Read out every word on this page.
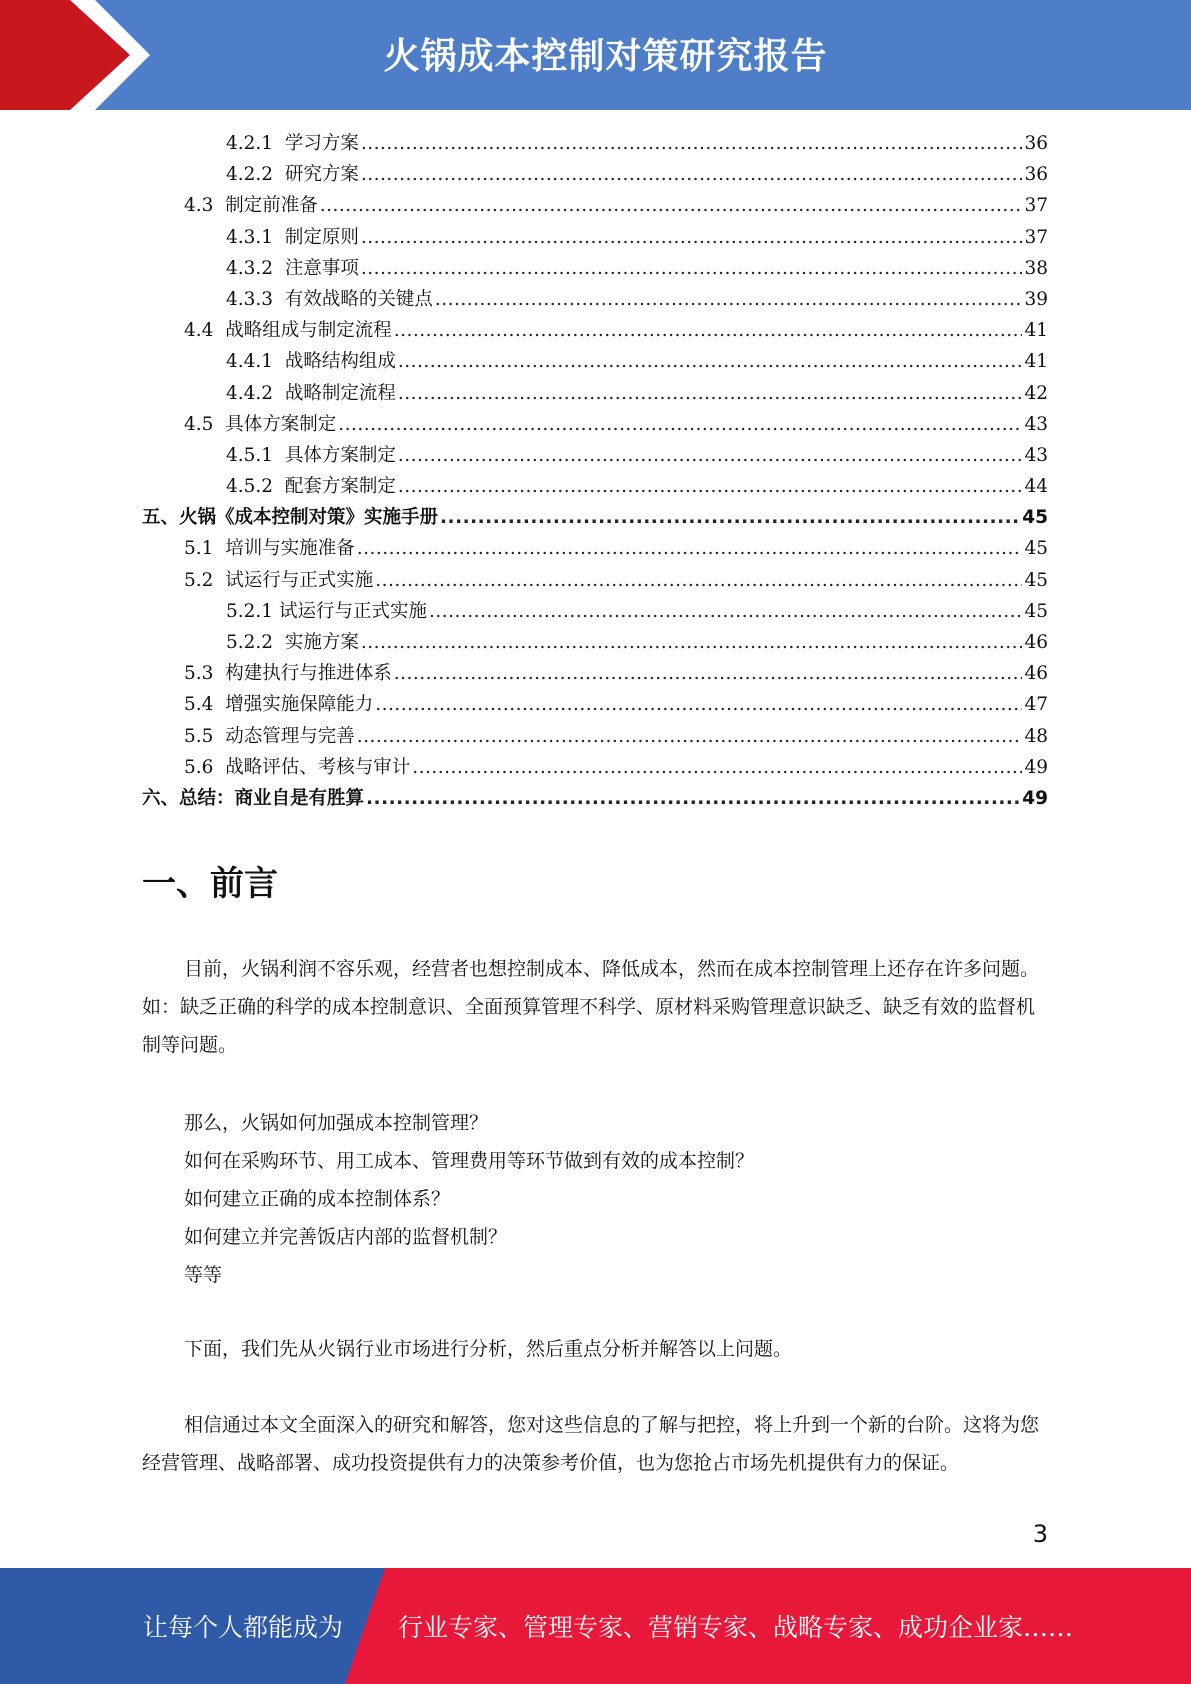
火锅成本控制对策研究报告
4.2.1 学习方案 .....	36
4.2.2 研究方案 .....	36
4.3 制定前准备 .....	37
4.3.1 制定原则 .....	37
4.3.2 注意事项 .....	38
4.3.3 有效战略的关键点 .....	39
4.4 战略组成与制定流程 .....	41
4.4.1 战略结构组成 .....	41
4.4.2 战略制定流程 .....	42
4.5 具体方案制定 .....	43
4.5.1 具体方案制定 .....	43
4.5.2 配套方案制定 .....	44
五、火锅《成本控制对策》实施手册 .....	45
5.1 培训与实施准备 .....	45
5.2 试运行与正式实施 .....	45
5.2.1 试运行与正式实施 .....	45
5.2.2 实施方案 .....	46
5.3 构建执行与推进体系 .....	46
5.4 增强实施保障能力 .....	47
5.5 动态管理与完善 .....	48
5.6 战略评估、考核与审计 .....	49
六、总结：商业自是有胜算 .....	49
一、前言

目前，火锅利润不容乐观，经营者也想控制成本、降低成本，然而在成本控制管理上还存在许多问题。如：缺乏正确的科学的成本控制意识、全面预算管理不科学、原材料采购管理意识缺乏、缺乏有效的监督机制等问题。

那么，火锅如何加强成本控制管理？

如何在采购环节、用工成本、管理费用等环节做到有效的成本控制？

如何建立正确的成本控制体系？

如何建立并完善饭店内部的监督机制？

等等

下面，我们先从火锅行业市场进行分析，然后重点分析并解答以上问题。

相信通过本文全面深入的研究和解答，您对这些信息的了解与把控，将上升到一个新的台阶。这将为您经营管理、战略部署、成功投资提供有力的决策参考价值，也为您抢占市场先机提供有力的保证。

3
让每个人都能成为 行业专家、管理专家、营销专家、战略专家、成功企业家……
